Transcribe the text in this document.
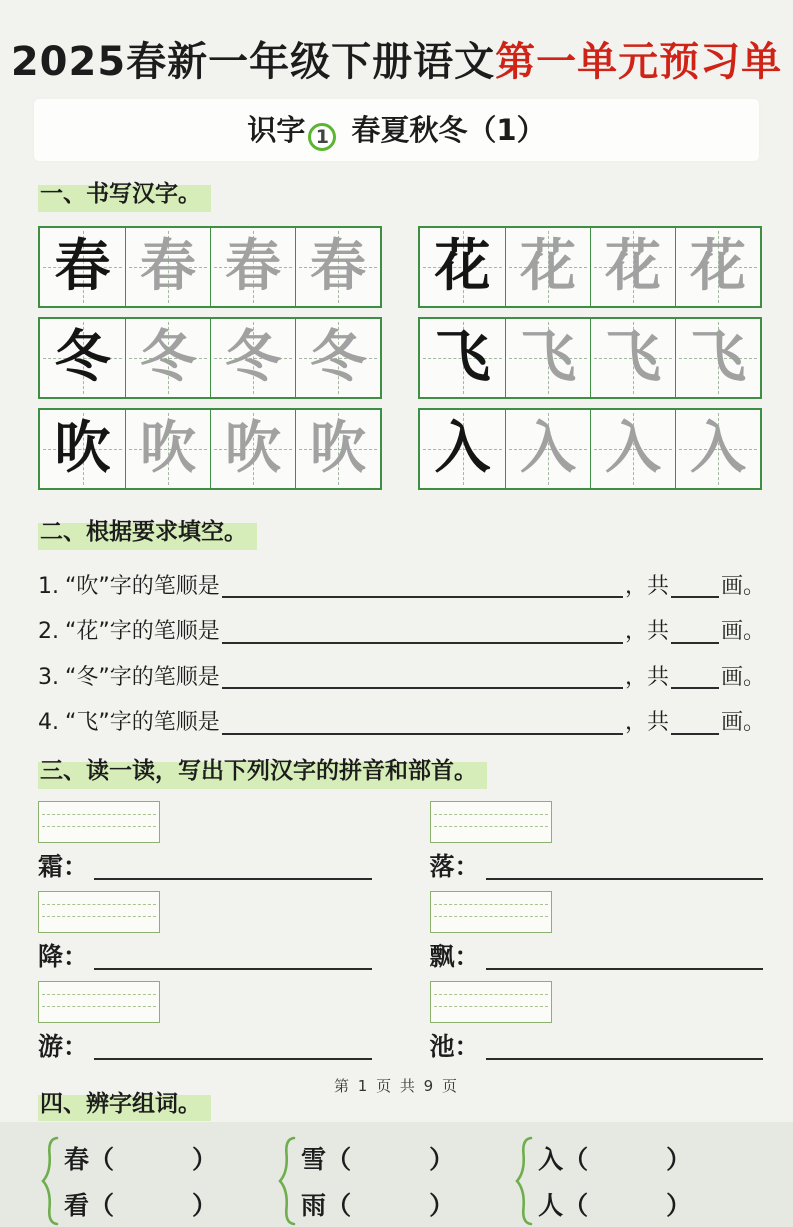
2025春新一年级下册语文第一单元预习单
识字 1 春夏秋冬（1）
一、书写汉字。
春 春 春 春
冬 冬 冬 冬
吹 吹 吹 吹
花 花 花 花
飞 飞 飞 飞
入 入 入 入
二、根据要求填空。
1. “吹” 字的笔顺是	，共 画。
2. “花” 字的笔顺是	，共 画。
3. “冬” 字的笔顺是	，共 画。
4. “飞” 字的笔顺是	，共 画。
三、读一读，写出下列汉字的拼音和部首。
霜 ：	落 ：
降 ：	飘 ：
游 ：	池 ：
四、辨字组词。
春 （	）
看 （	）
雪 （	）
雨 （	）
入 （	）
人 （	）
第 1 页 共 9 页
